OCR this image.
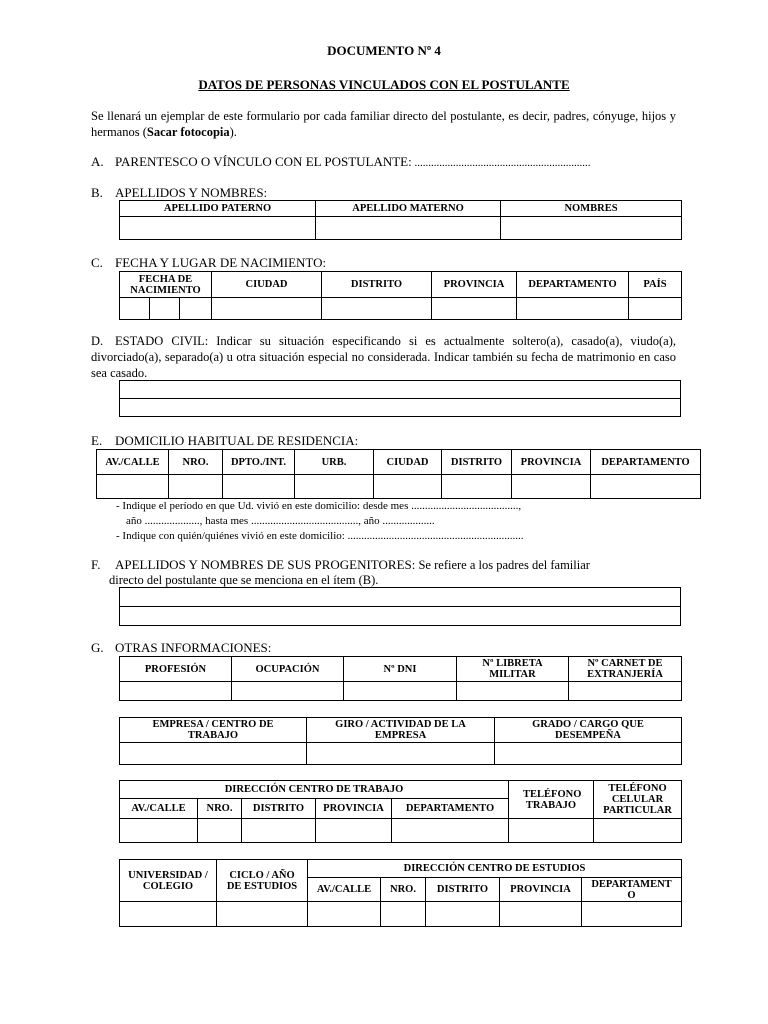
DOCUMENTO Nº 4
DATOS DE PERSONAS VINCULADOS CON EL POSTULANTE
Se llenará un ejemplar de este formulario por cada familiar directo del postulante, es decir, padres, cónyuge, hijos y hermanos (Sacar fotocopia).
A. PARENTESCO O VÍNCULO CON EL POSTULANTE: ................................................................
B. APELLIDOS Y NOMBRES:
APELLIDO PATERNO	APELLIDO MATERNO	NOMBRES

C. FECHA Y LUGAR DE NACIMIENTO:
FECHA DE NACIMIENTO			CIUDAD	DISTRITO	PROVINCIA	DEPARTAMENTO	PAÍS

D. ESTADO CIVIL: Indicar su situación especificando si es actualmente soltero(a), casado(a), viudo(a), divorciado(a), separado(a) u otra situación especial no considerada. Indicar también su fecha de matrimonio en caso sea casado.

E. DOMICILIO HABITUAL DE RESIDENCIA:
AV./CALLE	NRO.	DPTO./INT.	URB.	CIUDAD	DISTRITO	PROVINCIA	DEPARTAMENTO

- Indique el período en que Ud. vivió en este domicilio: desde mes .......................................,
año ...................., hasta mes ......................................., año ...................
- Indique con quién/quiénes vivió en este domicilio: ................................................................
F. APELLIDOS Y NOMBRES DE SUS PROGENITORES: Se refiere a los padres del familiar
directo del postulante que se menciona en el ítem (B).

G. OTRAS INFORMACIONES:
PROFESIÓN	OCUPACIÓN	Nº DNI	Nº LIBRETA MILITAR	Nº CARNET DE EXTRANJERÍA

EMPRESA / CENTRO DE TRABAJO	GIRO / ACTIVIDAD DE LA EMPRESA	GRADO / CARGO QUE DESEMPEÑA

DIRECCIÓN CENTRO DE TRABAJO					TELÉFONO TRABAJO	TELÉFONO CELULAR PARTICULAR
AV./CALLE	NRO.	DISTRITO	PROVINCIA	DEPARTAMENTO		

UNIVERSIDAD / COLEGIO	CICLO / AÑO DE ESTUDIOS	DIRECCIÓN CENTRO DE ESTUDIOS				
		AV./CALLE	NRO.	DISTRITO	PROVINCIA	DEPARTAMENTO
